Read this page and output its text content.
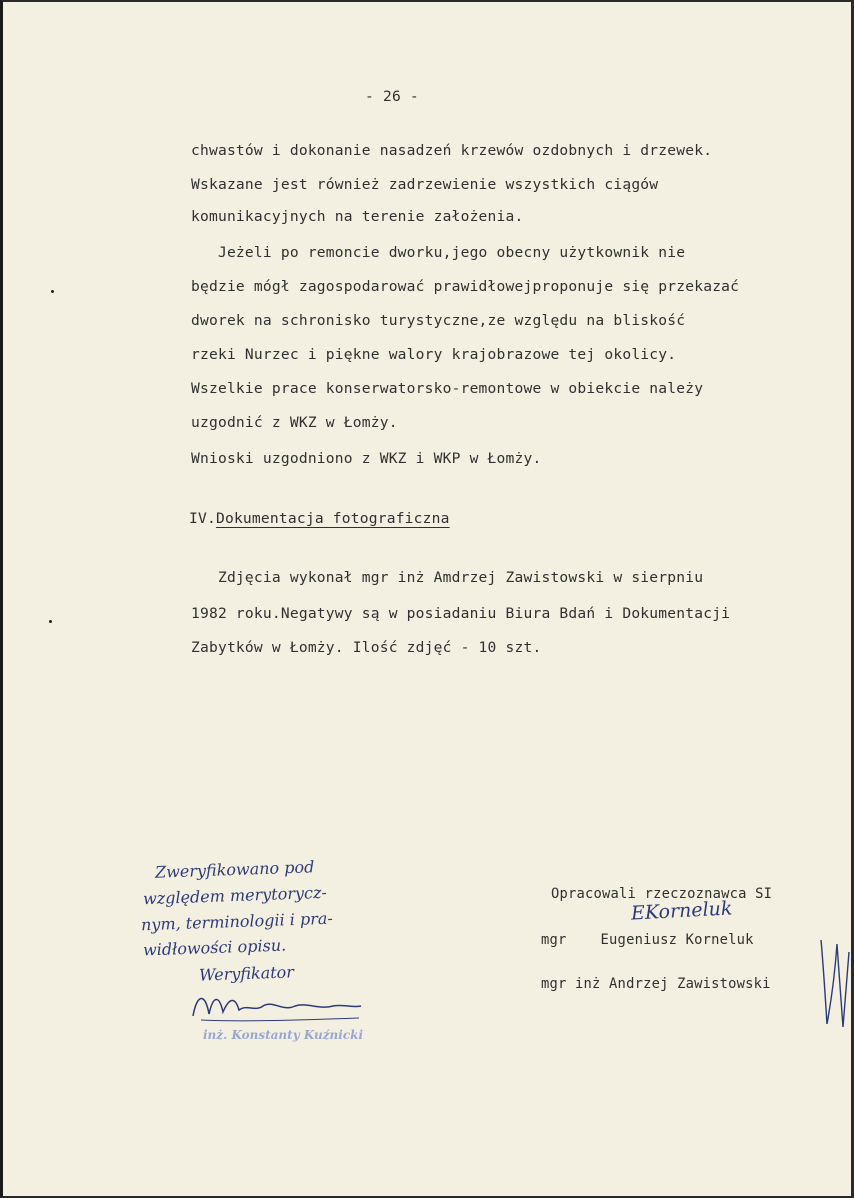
- 26 -
chwastów i dokonanie nasadzeń krzewów ozdobnych i drzewek.
Wskazane jest również zadrzewienie wszystkich ciągów
komunikacyjnych na terenie założenia.
Jeżeli po remoncie dworku,jego obecny użytkownik nie
będzie mógł zagospodarować prawidłowejproponuje się przekazać
dworek na schronisko turystyczne,ze względu na bliskość
rzeki Nurzec i piękne walory krajobrazowe tej okolicy.
Wszelkie prace konserwatorsko-remontowe w obiekcie należy
uzgodnić z WKZ w Łomży.
Wnioski uzgodniono z WKZ i WKP w Łomży.
IV.Dokumentacja fotograficzna
Zdjęcia wykonał mgr inż Amdrzej Zawistowski w sierpniu
1982 roku.Negatywy są w posiadaniu Biura Bdań i Dokumentacji
Zabytków w Łomży. Ilość zdjęć - 10 szt.
Opracowali rzeczoznawca SI
mgr    Eugeniusz Korneluk
mgr inż Andrzej Zawistowski
EKorneluk
Zweryfikowano pod
względem merytorycz-
nym, terminologii i pra-
widłowości opisu.
Weryfikator
inż. Konstanty Kuźnicki
